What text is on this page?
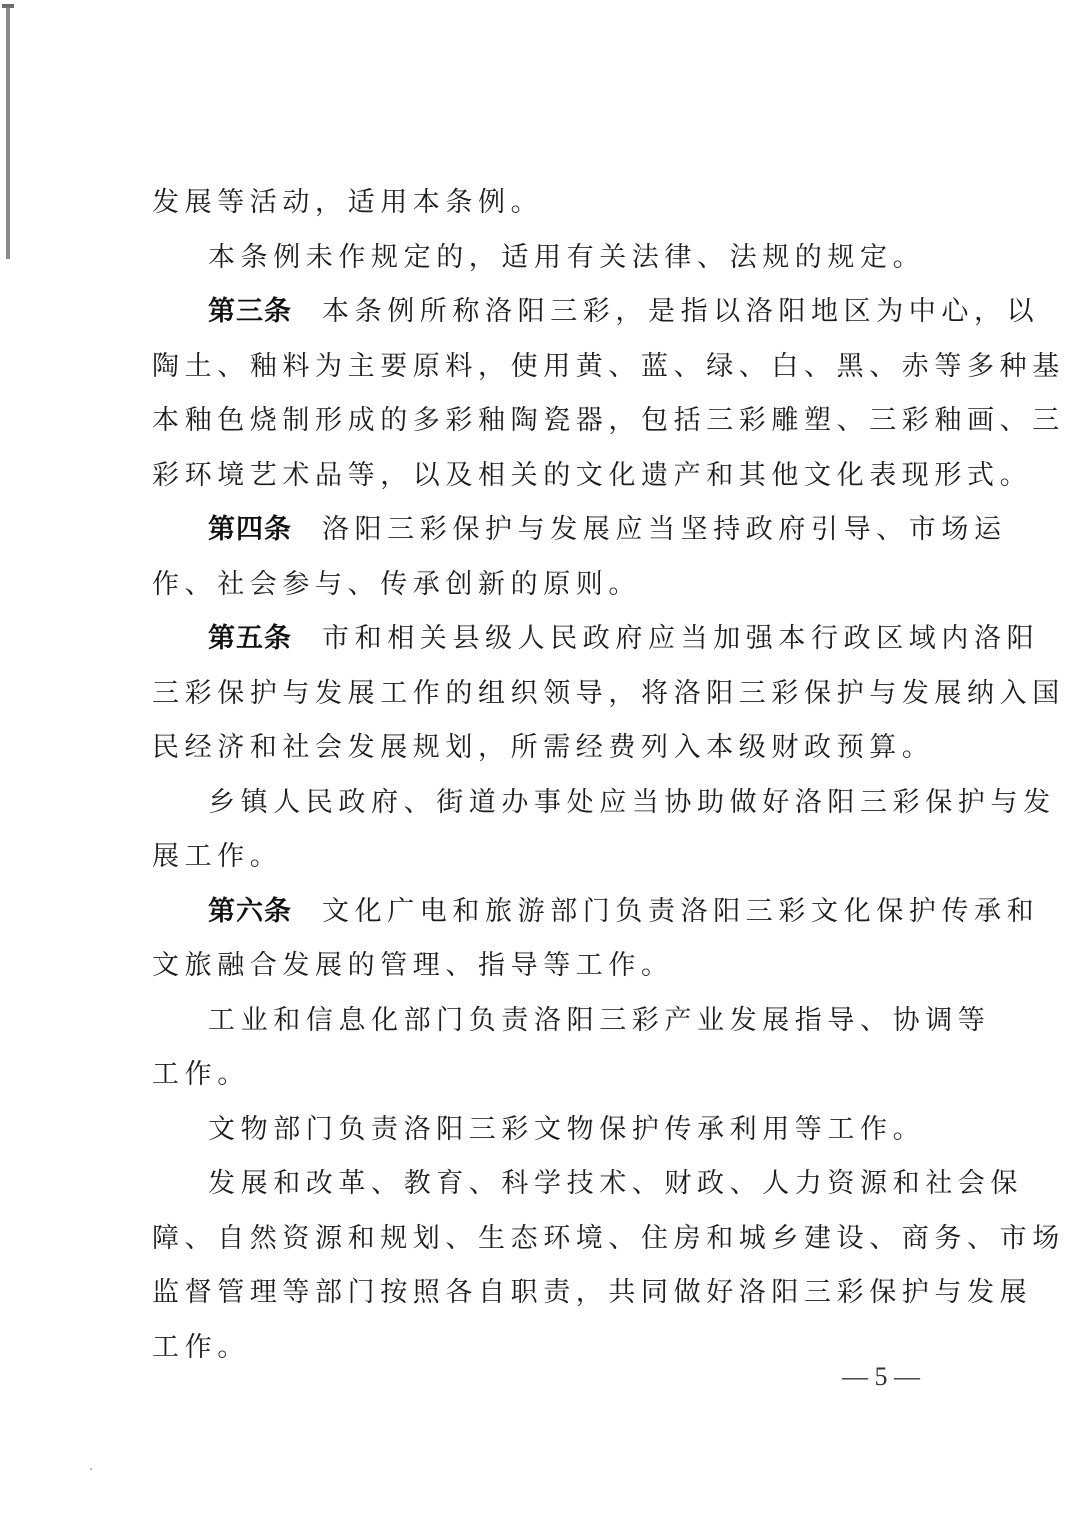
发展等活动，适用本条例。
本条例未作规定的，适用有关法律、法规的规定。
第三条 本条例所称洛阳三彩，是指以洛阳地区为中心，以
陶土、釉料为主要原料，使用黄、蓝、绿、白、黑、赤等多种基
本釉色烧制形成的多彩釉陶瓷器，包括三彩雕塑、三彩釉画、三
彩环境艺术品等，以及相关的文化遗产和其他文化表现形式。
第四条 洛阳三彩保护与发展应当坚持政府引导、市场运
作、社会参与、传承创新的原则。
第五条 市和相关县级人民政府应当加强本行政区域内洛阳
三彩保护与发展工作的组织领导，将洛阳三彩保护与发展纳入国
民经济和社会发展规划，所需经费列入本级财政预算。
乡镇人民政府、街道办事处应当协助做好洛阳三彩保护与发
展工作。
第六条 文化广电和旅游部门负责洛阳三彩文化保护传承和
文旅融合发展的管理、指导等工作。
工业和信息化部门负责洛阳三彩产业发展指导、协调等
工作。
文物部门负责洛阳三彩文物保护传承利用等工作。
发展和改革、教育、科学技术、财政、人力资源和社会保
障、自然资源和规划、生态环境、住房和城乡建设、商务、市场
监督管理等部门按照各自职责，共同做好洛阳三彩保护与发展
工作。
— 5 —
